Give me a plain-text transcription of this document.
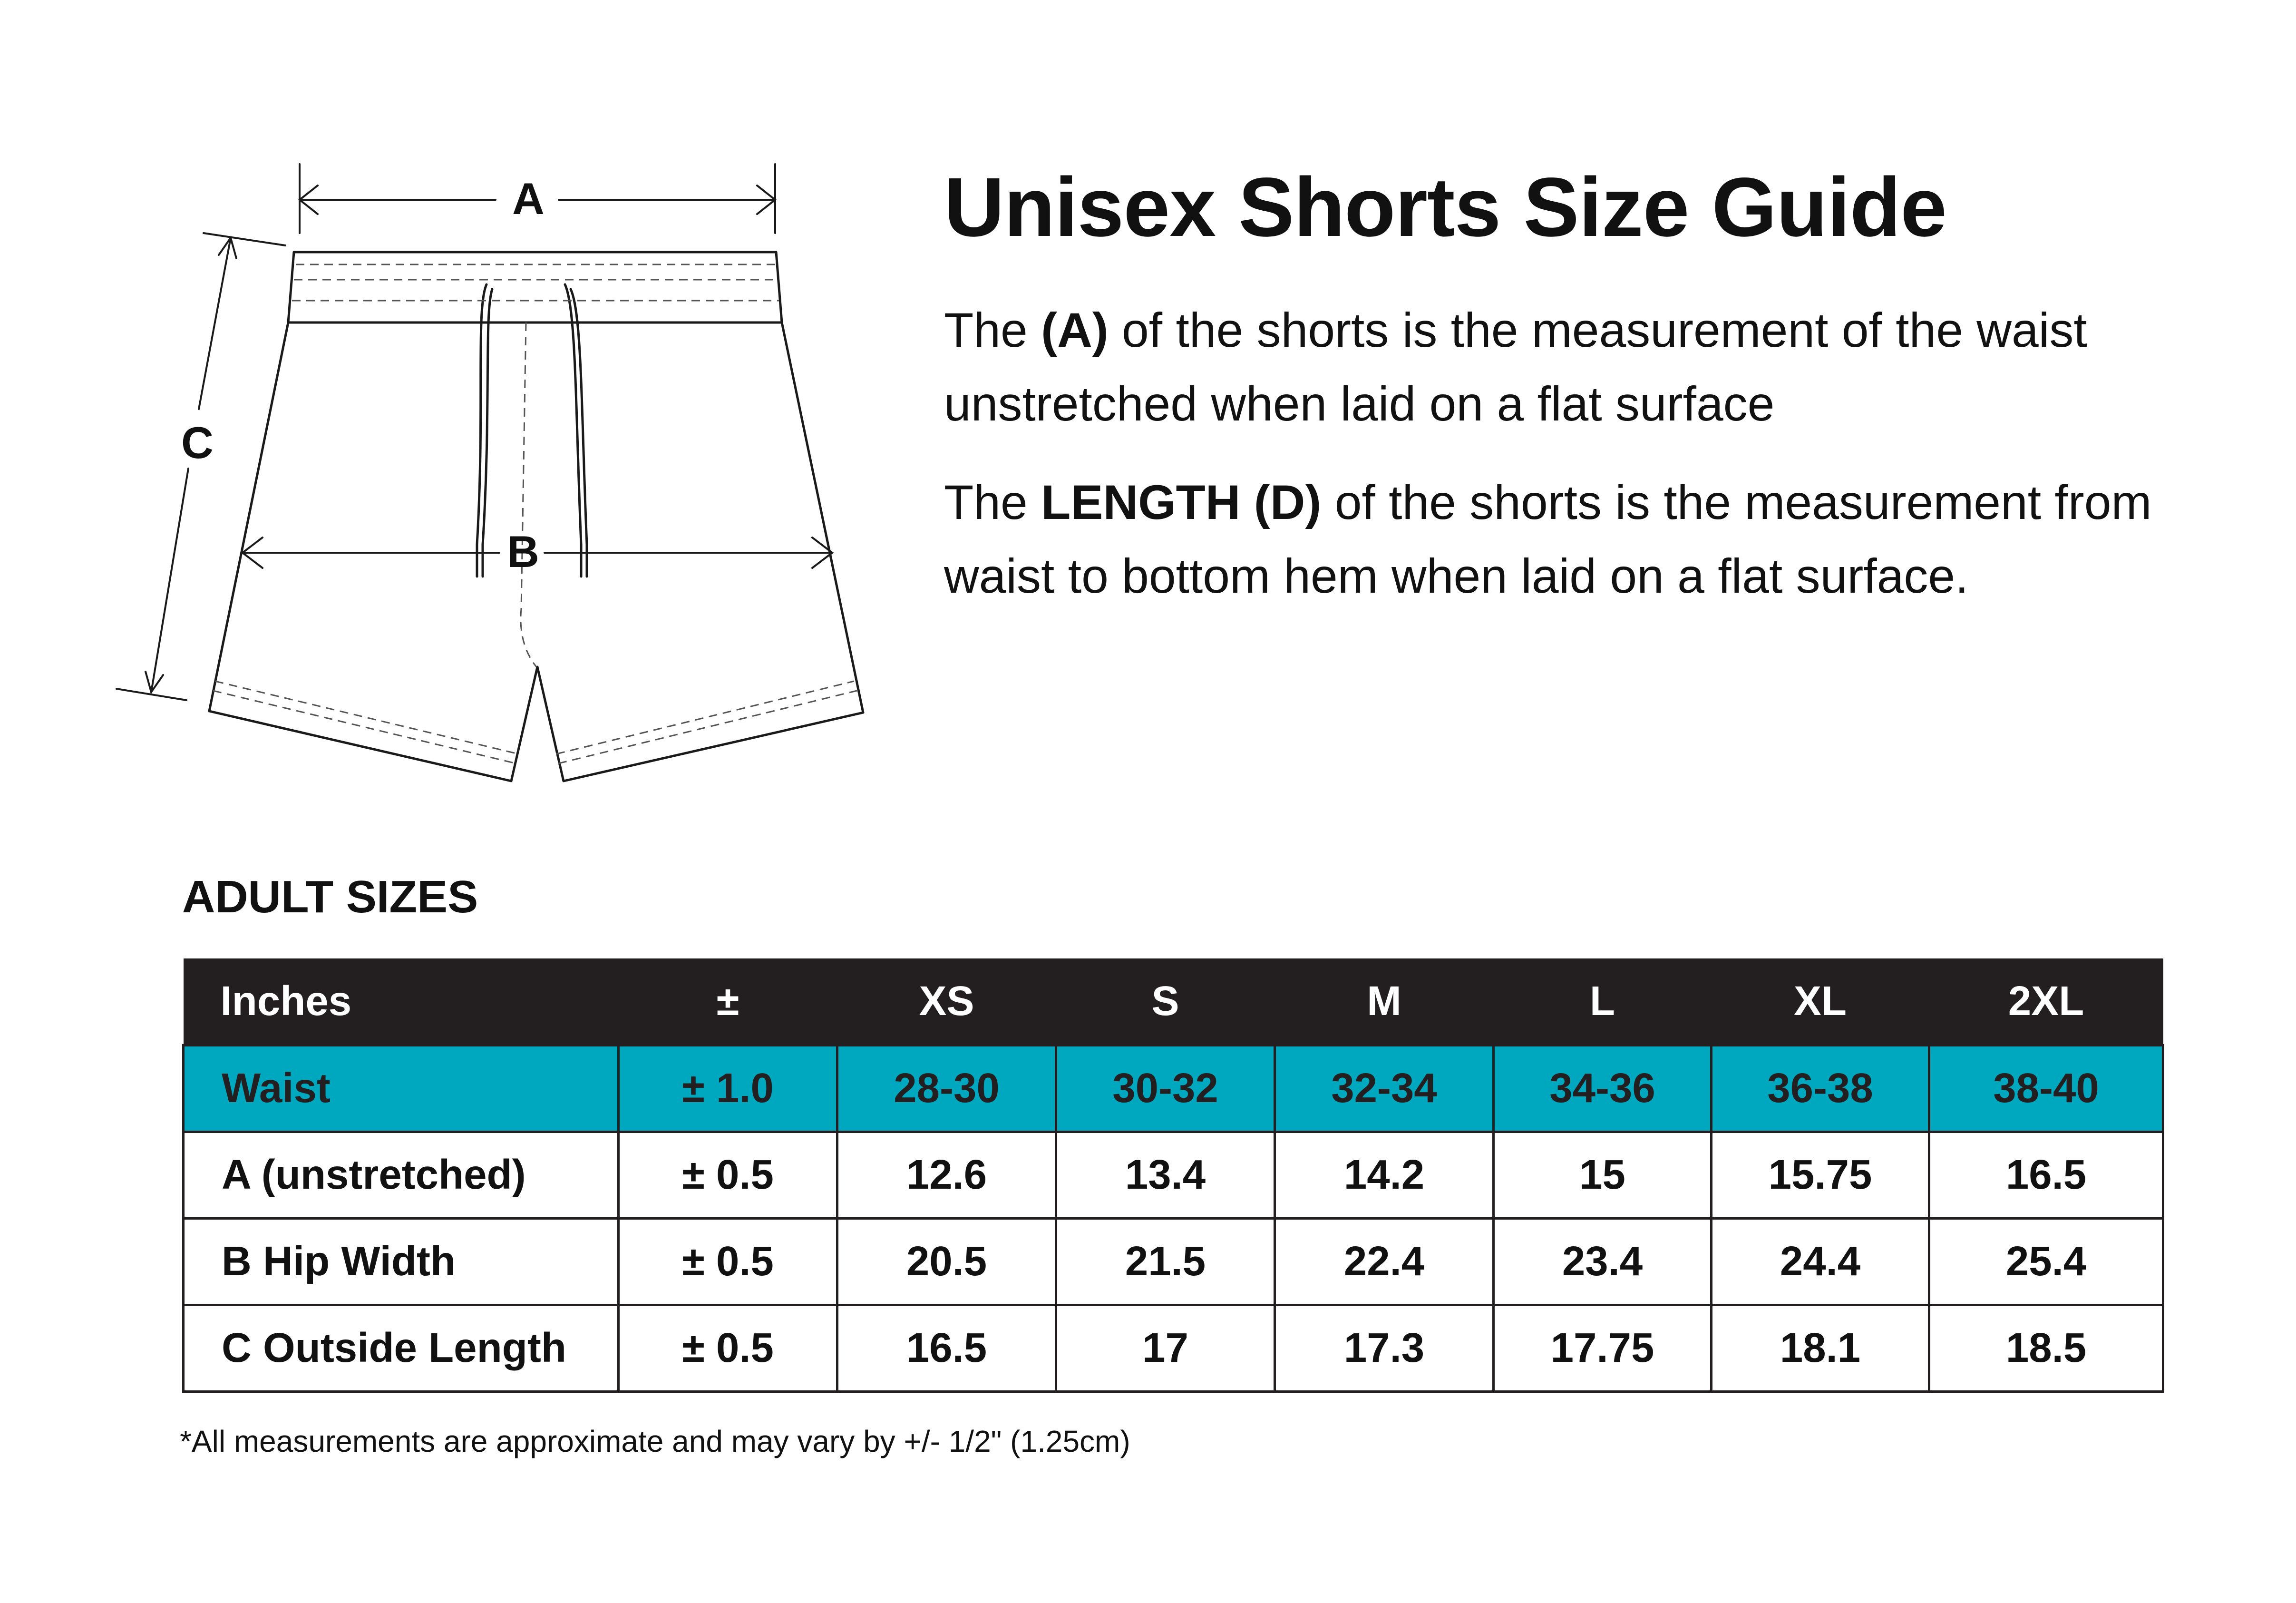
A
B
C
Unisex Shorts Size Guide

The (A) of the shorts is the measurement of the waist unstretched when laid on a flat surface

The LENGTH (D) of the shorts is the measurement from waist to bottom hem when laid on a flat surface.

ADULT SIZES
Inches	±	XS	S	M	L	XL	2XL
Waist	± 1.0	28-30	30-32	32-34	34-36	36-38	38-40
A (unstretched)	± 0.5	12.6	13.4	14.2	15	15.75	16.5
B Hip Width	± 0.5	20.5	21.5	22.4	23.4	24.4	25.4
C Outside Length	± 0.5	16.5	17	17.3	17.75	18.1	18.5

*All measurements are approximate and may vary by +/- 1/2" (1.25cm)
